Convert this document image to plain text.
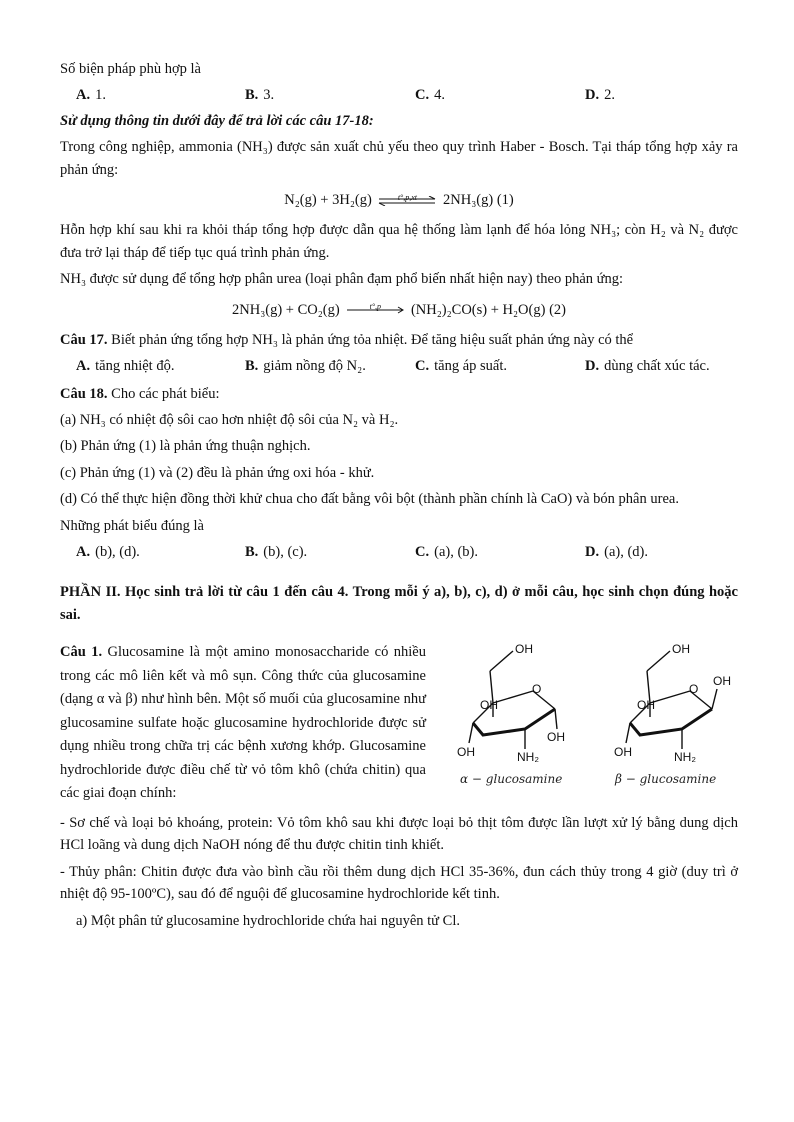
Số biện pháp phù hợp là

A. 1.	B. 3.	C. 4.	D. 2.

Sử dụng thông tin dưới đây để trả lời các câu 17-18:

Trong công nghiệp, ammonia (NH₃) được sản xuất chủ yếu theo quy trình Haber - Bosch. Tại tháp tổng hợp xảy ra phản ứng:

N₂(g) + 3H₂(g)	t°,p,xt	2NH₃(g) (1)

Hỗn hợp khí sau khi ra khỏi tháp tổng hợp được dẫn qua hệ thống làm lạnh để hóa lỏng NH₃; còn H₂ và N₂ được đưa trở lại tháp để tiếp tục quá trình phản ứng.

NH₃ được sử dụng để tổng hợp phân urea (loại phân đạm phổ biến nhất hiện nay) theo phản ứng:

2NH₃(g) + CO₂(g)	t°,p	(NH₂)₂CO(s) + H₂O(g) (2)

Câu 17. Biết phản ứng tổng hợp NH₃ là phản ứng tỏa nhiệt. Để tăng hiệu suất phản ứng này có thể

A. tăng nhiệt độ.	B. giảm nồng độ N₂.	C. tăng áp suất.	D. dùng chất xúc tác.

Câu 18. Cho các phát biểu:

(a) NH₃ có nhiệt độ sôi cao hơn nhiệt độ sôi của N₂ và H₂.

(b) Phản ứng (1) là phản ứng thuận nghịch.

(c) Phản ứng (1) và (2) đều là phản ứng oxi hóa - khử.

(d) Có thể thực hiện đồng thời khử chua cho đất bằng vôi bột (thành phần chính là CaO) và bón phân urea.

Những phát biểu đúng là

A. (b), (d).	B. (b), (c).	C. (a), (b).	D. (a), (d).

PHẦN II. Học sinh trả lời từ câu 1 đến câu 4. Trong mỗi ý a), b), c), d) ở mỗi câu, học sinh chọn đúng hoặc sai.

Câu 1. Glucosamine là một amino monosaccharide có nhiều trong các mô liên kết và mô sụn. Công thức của glucosamine (dạng α và β) như hình bên. Một số muối của glucosamine như glucosamine sulfate hoặc glucosamine hydrochloride được sử dụng nhiều trong chữa trị các bệnh xương khớp. Glucosamine hydrochloride được điều chế từ vỏ tôm khô (chứa chitin) qua các giai đoạn chính:

OH
O
OH
OH	NH₂
OH
α − glucosamine
OH
O
OH
OH
OH	NH₂
β − glucosamine

- Sơ chế và loại bỏ khoáng, protein: Vỏ tôm khô sau khi được loại bỏ thịt tôm được lần lượt xử lý bằng dung dịch HCl loãng và dung dịch NaOH nóng để thu được chitin tinh khiết.

- Thủy phân: Chitin được đưa vào bình cầu rồi thêm dung dịch HCl 35-36%, đun cách thủy trong 4 giờ (duy trì ở nhiệt độ 95-100ºC), sau đó để nguội để glucosamine hydrochloride kết tinh.

a) Một phân tử glucosamine hydrochloride chứa hai nguyên tử Cl.
